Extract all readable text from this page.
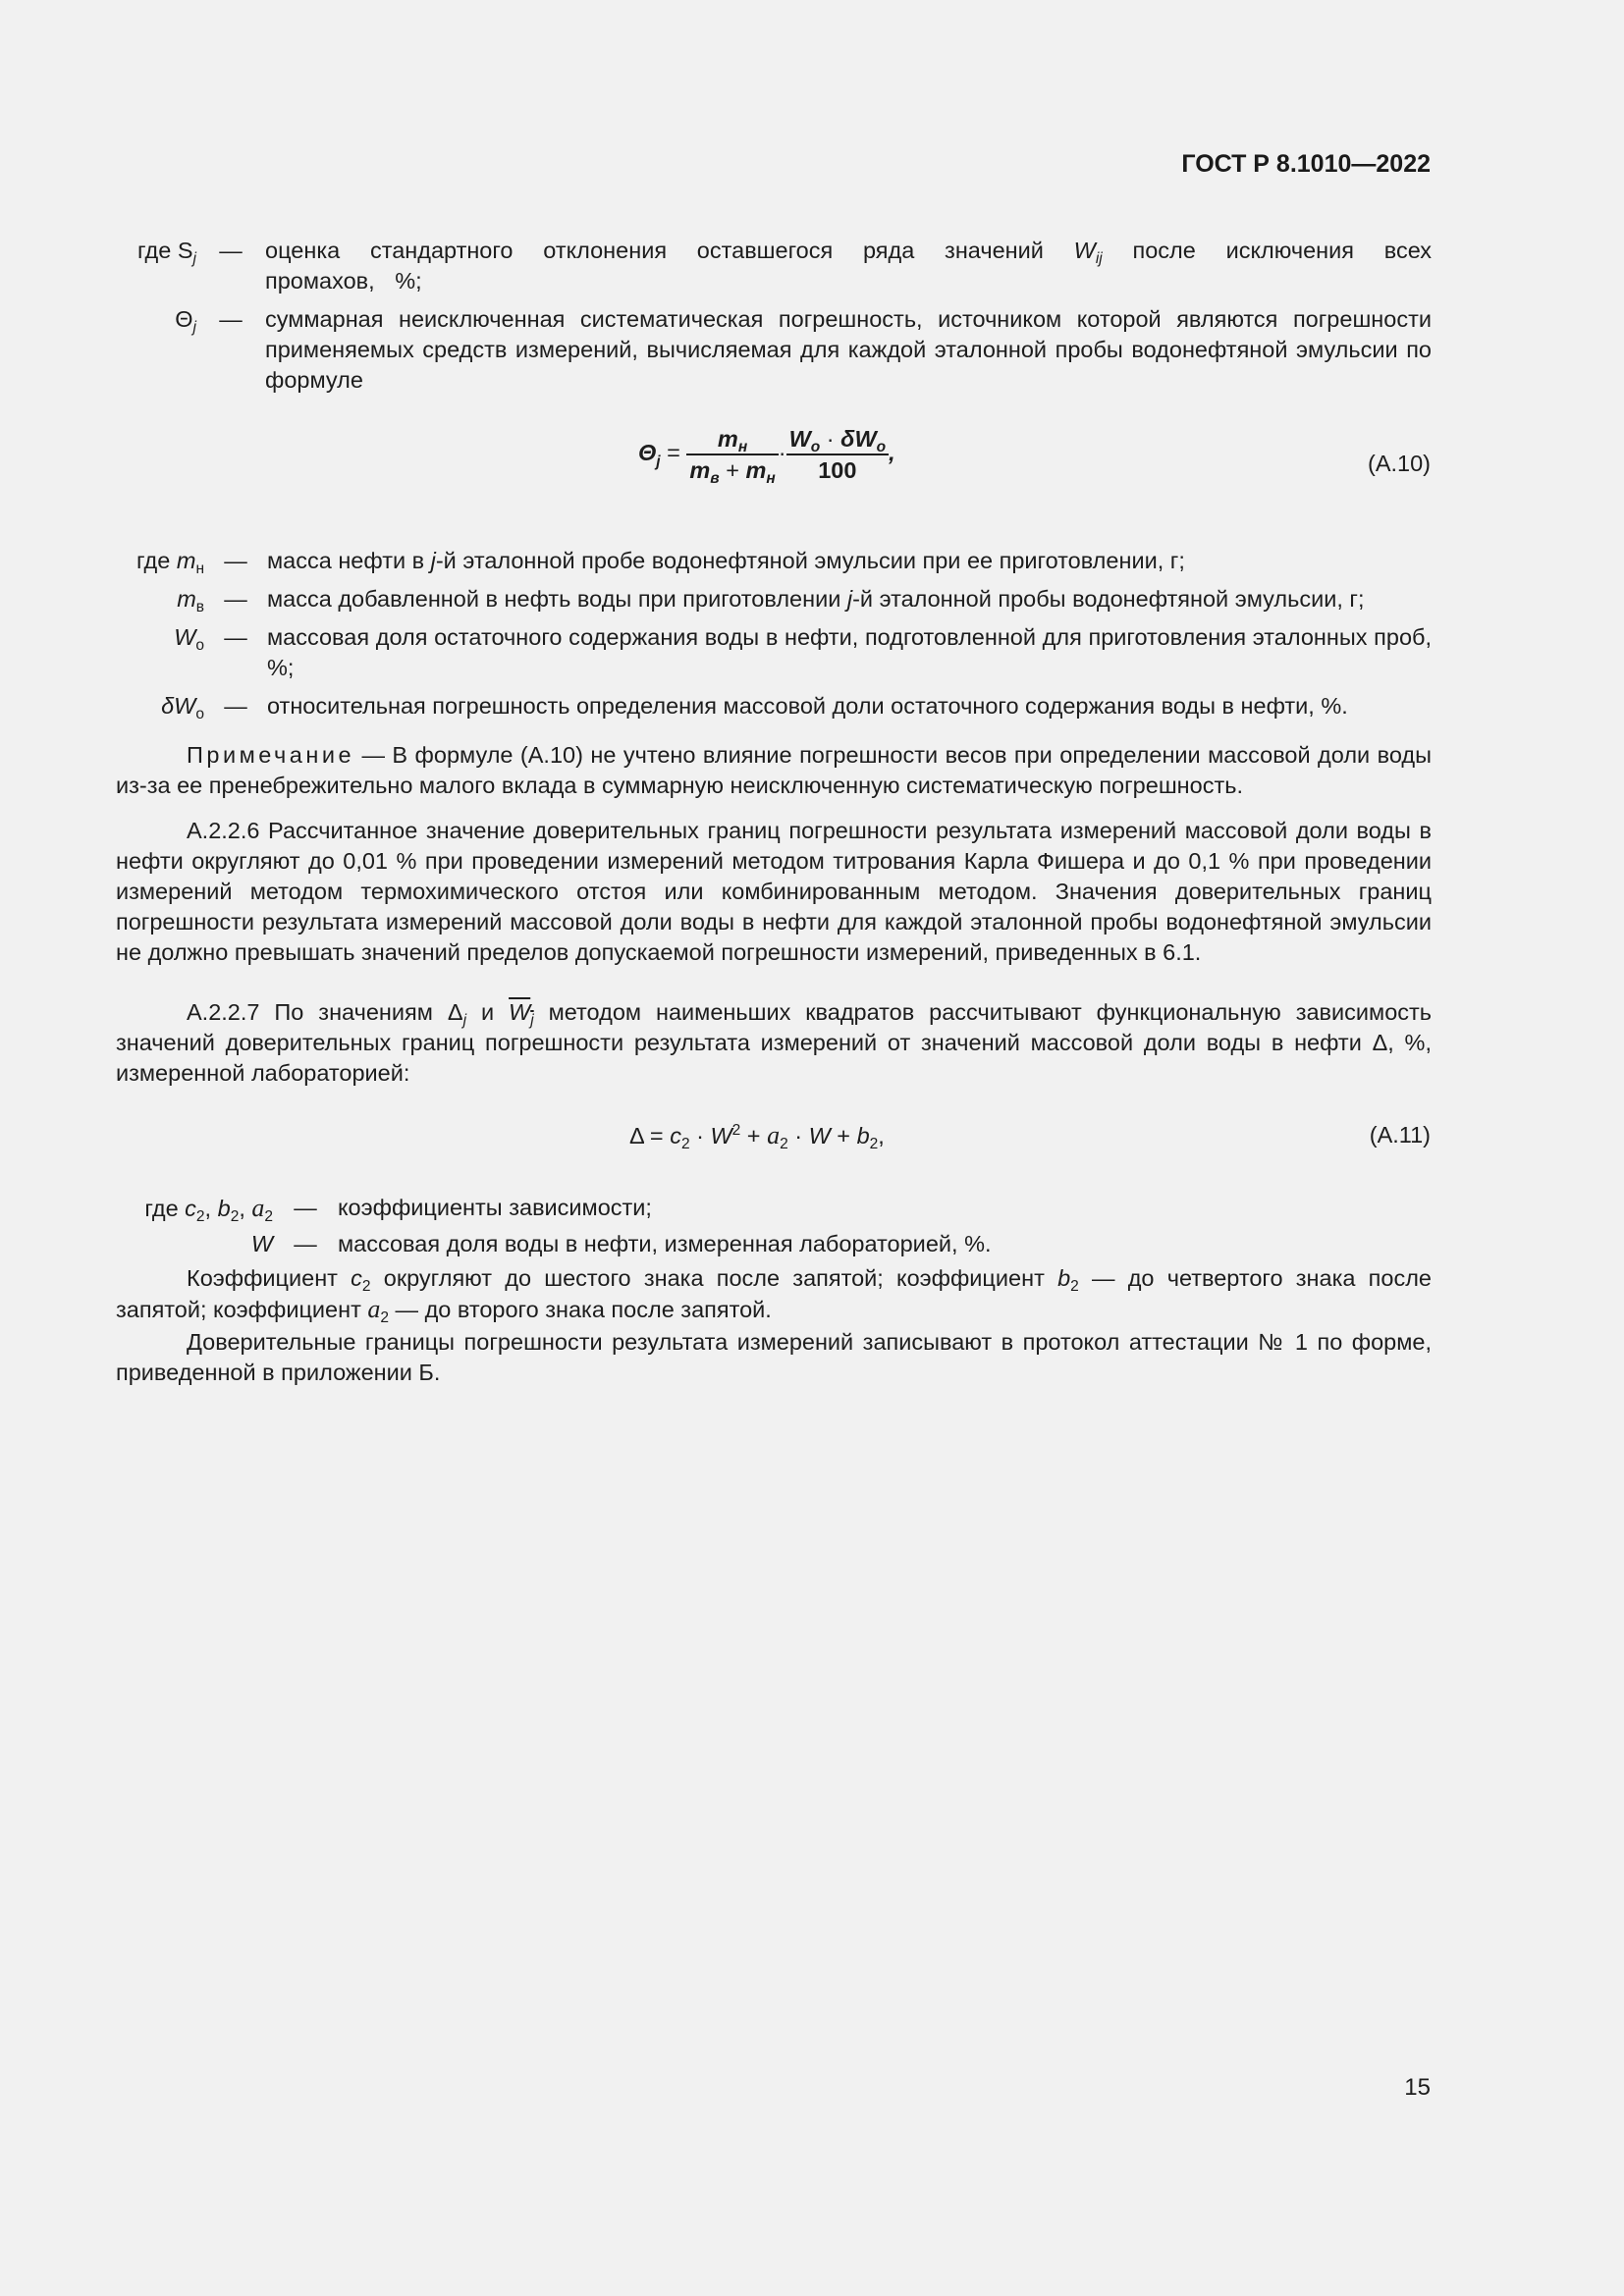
ГОСТ Р 8.1010—2022
где $S_j$ — оценка стандартного отклонения оставшегося ряда значений $W_{ij}$ после исключения всех промахов, %;
$\Theta_j$ — суммарная неисключенная систематическая погрешность, источником которой являются погрешности применяемых средств измерений, вычисляемая для каждой эталонной пробы водонефтяной эмульсии по формуле
$\Theta_j = \frac{m_н}{m_в + m_н} \cdot \frac{W_о \cdot \delta W_о}{100}$ ,	(А.10)
где $m_н$ — масса нефти в j-й эталонной пробе водонефтяной эмульсии при ее приготовлении, г;
$m_в$ — масса добавленной в нефть воды при приготовлении j-й эталонной пробы водонефтяной эмульсии, г;
$W_о$ — массовая доля остаточного содержания воды в нефти, подготовленной для приготовления эталонных проб, %;
$\delta W_о$ — относительная погрешность определения массовой доли остаточного содержания воды в нефти, %.

Примечание — В формуле (А.10) не учтено влияние погрешности весов при определении массовой доли воды из-за ее пренебрежительно малого вклада в суммарную неисключенную систематическую погрешность.

А.2.2.6 Рассчитанное значение доверительных границ погрешности результата измерений массовой доли воды в нефти округляют до 0,01 % при проведении измерений методом титрования Карла Фишера и до 0,1 % при проведении измерений методом термохимического отстоя или комбинированным методом. Значения доверительных границ погрешности результата измерений массовой доли воды в нефти для каждой эталонной пробы водонефтяной эмульсии не должно превышать значений пределов допускаемой погрешности измерений, приведенных в 6.1.

А.2.2.7 По значениям $\Delta_j$ и $W_j$ методом наименьших квадратов рассчитывают функциональную зависимость значений доверительных границ погрешности результата измерений от значений массовой доли воды в нефти Δ, %, измеренной лабораторией:

$\Delta = c_2 \cdot W^2 + a_2 \cdot W + b_2$,	(А.11)
где $c_2$, $b_2$, $a_2$ — коэффициенты зависимости;
W — массовая доля воды в нефти, измеренная лабораторией, %.

Коэффициент $c_2$ округляют до шестого знака после запятой; коэффициент $b_2$ — до четвертого знака после запятой; коэффициент $a_2$ — до второго знака после запятой.

Доверительные границы погрешности результата измерений записывают в протокол аттестации № 1 по форме, приведенной в приложении Б.

15
